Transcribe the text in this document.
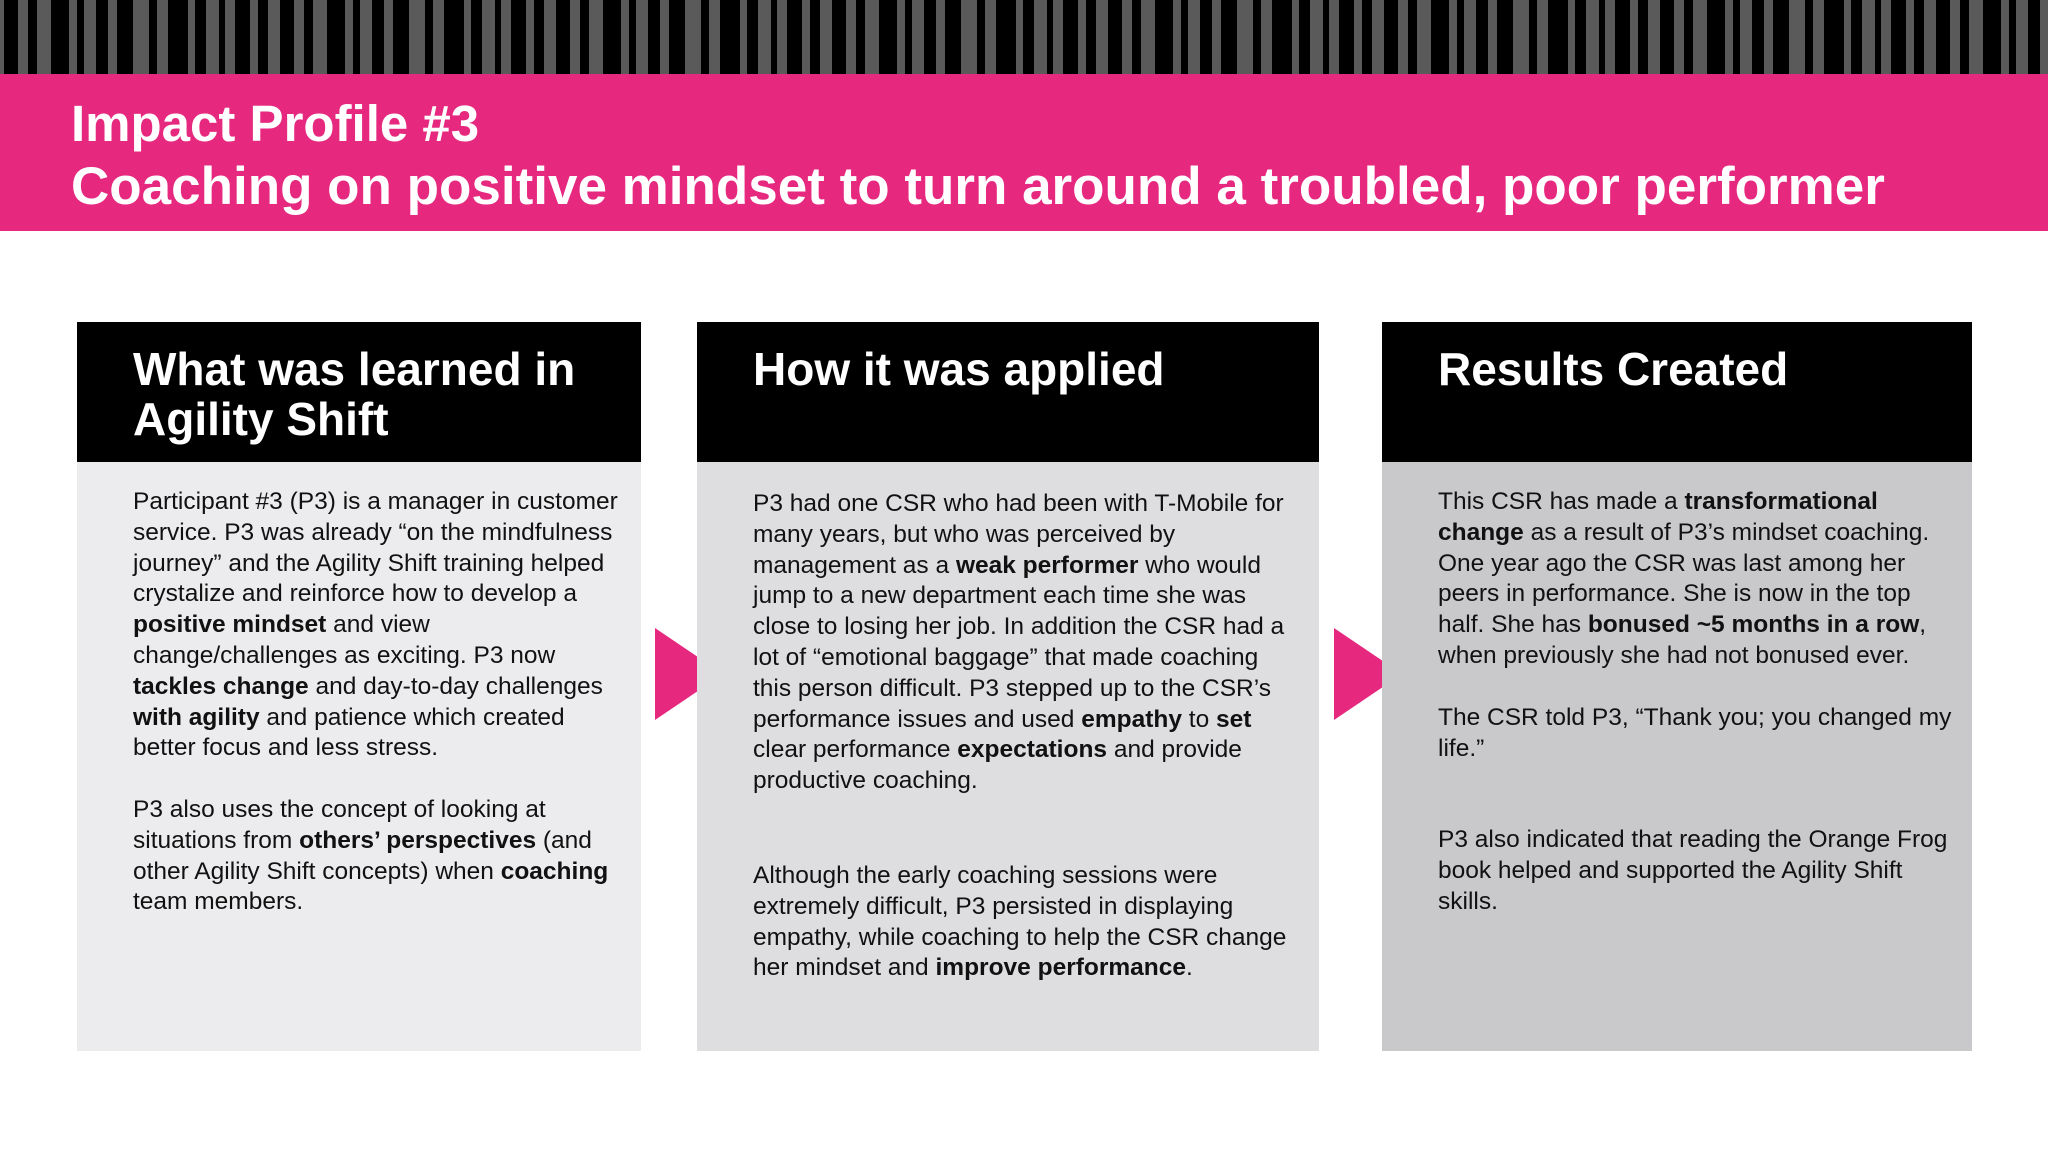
Impact Profile #3
Coaching on positive mindset to turn around a troubled, poor performer
What was learned in
Agility Shift
Participant #3 (P3) is a manager in customer service. P3 was already “on the mindfulness journey” and the Agility Shift training helped crystalize and reinforce how to develop a positive mindset and view change/challenges as exciting. P3 now tackles change and day-to-day challenges with agility and patience which created better focus and less stress.
P3 also uses the concept of looking at situations from others’ perspectives (and other Agility Shift concepts) when coaching team members.
How it was applied
P3 had one CSR who had been with T-Mobile for many years, but who was perceived by management as a weak performer who would jump to a new department each time she was close to losing her job. In addition the CSR had a lot of “emotional baggage” that made coaching this person difficult. P3 stepped up to the CSR’s performance issues and used empathy to set clear performance expectations and provide productive coaching.
Although the early coaching sessions were extremely difficult, P3 persisted in displaying empathy, while coaching to help the CSR change her mindset and improve performance.
Results Created
This CSR has made a transformational change as a result of P3’s mindset coaching. One year ago the CSR was last among her peers in performance. She is now in the top half. She has bonused ~5 months in a row, when previously she had not bonused ever.
The CSR told P3, “Thank you; you changed my life.”
P3 also indicated that reading the Orange Frog book helped and supported the Agility Shift skills.
